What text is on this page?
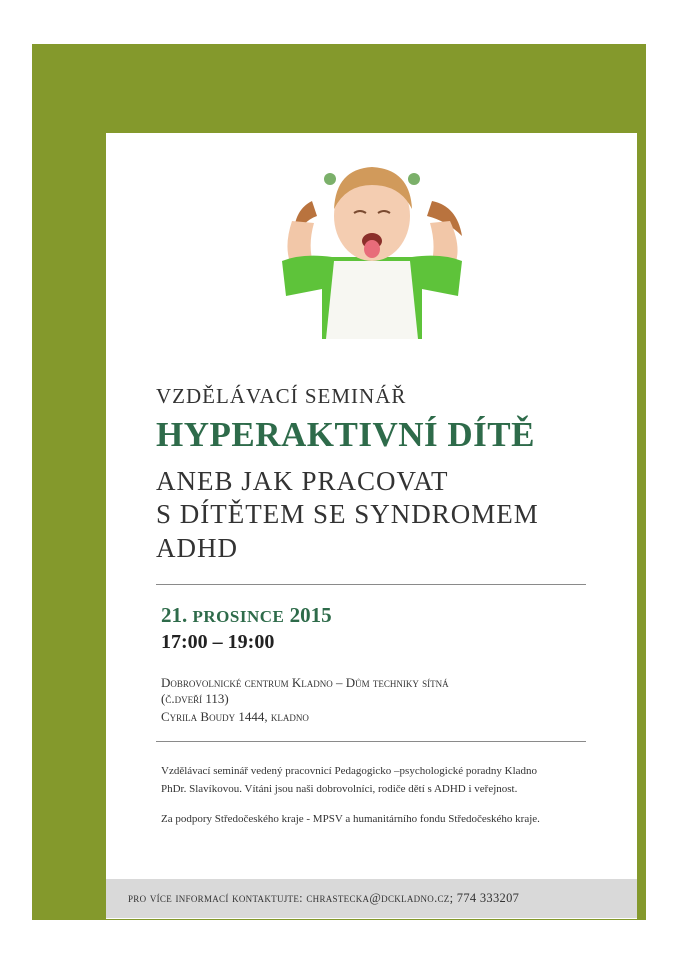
VZDĚLÁVACÍ SEMINÁŘ
HYPERAKTIVNÍ DÍTĚ
ANEB JAK PRACOVAT
S DÍTĚTEM SE SYNDROMEM
ADHD
21. PROSINCE 2015
17:00 – 19:00
Dobrovolnické centrum Kladno – Dům techniky sítná
(č.dveří 113)
Cyrila Boudy 1444, kladno
Vzdělávací seminář vedený pracovnicí Pedagogicko –psychologické poradny Kladno
PhDr. Slavíkovou. Vítáni jsou naši dobrovolníci, rodiče dětí s ADHD i veřejnost.
Za podpory Středočeského kraje - MPSV a humanitárního fondu Středočeského kraje.
pro více informací kontaktujte: chrastecka@dckladno.cz; 774 333207
